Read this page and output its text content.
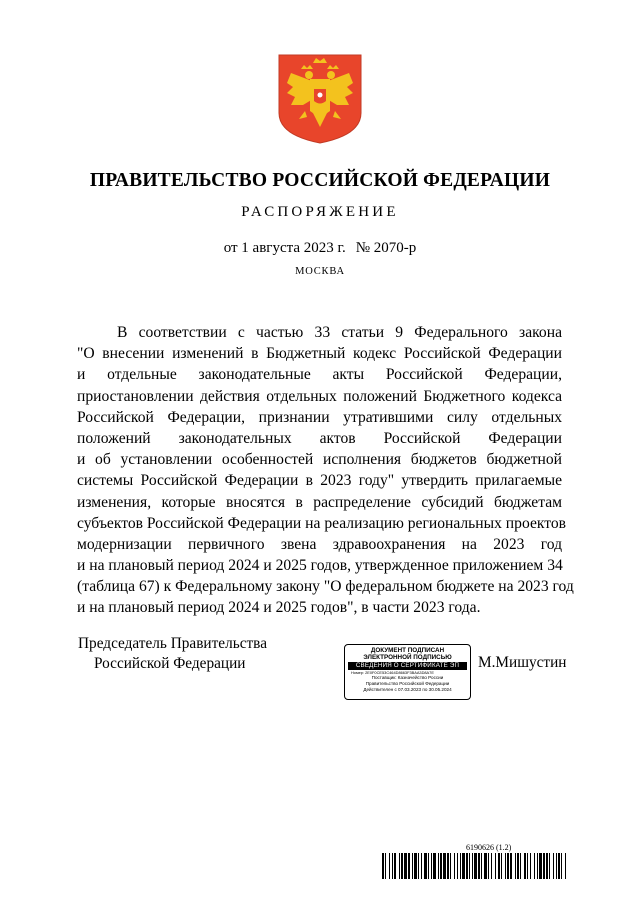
ПРАВИТЕЛЬСТВО РОССИЙСКОЙ ФЕДЕРАЦИИ
РАСПОРЯЖЕНИЕ
от 1 августа 2023 г. № 2070-р
МОСКВА
В соответствии с частью 33 статьи 9 Федерального закона
"О внесении изменений в Бюджетный кодекс Российской Федерации
и отдельные законодательные акты Российской Федерации,
приостановлении действия отдельных положений Бюджетного кодекса
Российской Федерации, признании утратившими силу отдельных
положений законодательных актов Российской Федерации
и об установлении особенностей исполнения бюджетов бюджетной
системы Российской Федерации в 2023 году" утвердить прилагаемые
изменения, которые вносятся в распределение субсидий бюджетам
субъектов Российской Федерации на реализацию региональных проектов
модернизации первичного звена здравоохранения на 2023 год
и на плановый период 2024 и 2025 годов, утвержденное приложением 34
(таблица 67) к Федеральному закону "О федеральном бюджете на 2023 год
и на плановый период 2024 и 2025 годов", в части 2023 года.
Председатель Правительства
Российской Федерации
ДОКУМЕНТ ПОДПИСАН
ЭЛЕКТРОННОЙ ПОДПИСЬЮ
СВЕДЕНИЯ О СЕРТИФИКАТЕ ЭП
Номер: 2E0F0CE53C464D8663F3BAA3D8A7E
Поставщик: Казначейство России
Правительство Российской Федерации
Действителен с 07.03.2023 по 30.05.2024
М.Мишустин
6190626 (1.2)
